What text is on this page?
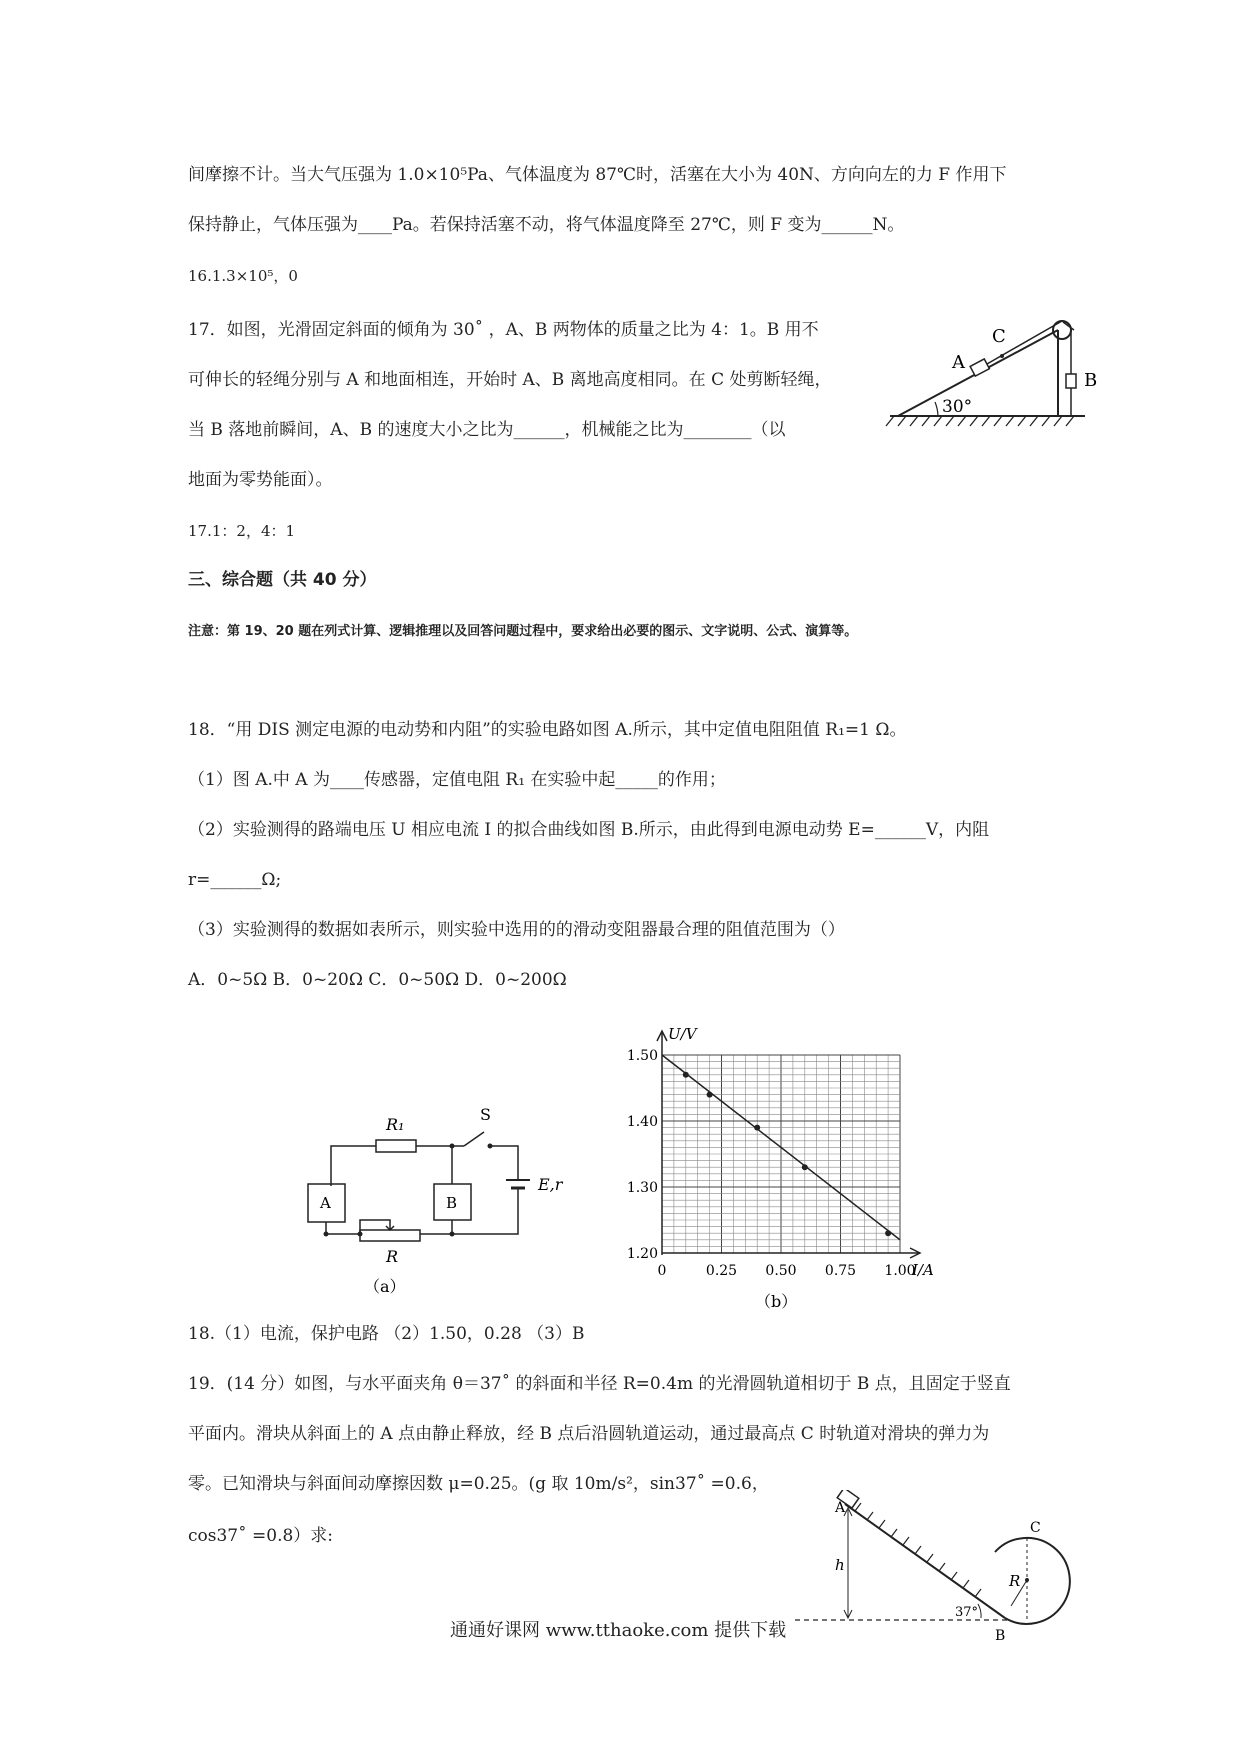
间摩擦不计。当大气压强为 1.0×10⁵Pa、气体温度为 87℃时，活塞在大小为 40N、方向向左的力 F 作用下
保持静止，气体压强为____Pa。若保持活塞不动，将气体温度降至 27℃，则 F 变为______N。
16.1.3×10⁵，0
17．如图，光滑固定斜面的倾角为 30˚ ，A、B 两物体的质量之比为 4：1。B 用不
可伸长的轻绳分别与 A 和地面相连，开始时 A、B 离地高度相同。在 C 处剪断轻绳，
当 B 落地前瞬间，A、B 的速度大小之比为______，机械能之比为________（以
地面为零势能面）。
17.1：2，4：1
三、综合题（共 40 分）
注意：第 19、20 题在列式计算、逻辑推理以及回答问题过程中，要求给出必要的图示、文字说明、公式、演算等。
18．“用 DIS 测定电源的电动势和内阻”的实验电路如图 A.所示，其中定值电阻阻值 R₁=1 Ω。
（1）图 A.中 A 为____传感器，定值电阻 R₁ 在实验中起_____的作用；
（2）实验测得的路端电压 U 相应电流 I 的拟合曲线如图 B.所示，由此得到电源电动势 E=______V，内阻
r=______Ω;
（3）实验测得的数据如表所示，则实验中选用的的滑动变阻器最合理的阻值范围为（）
A．0~5Ω B．0~20Ω C．0~50Ω D．0~200Ω
18.（1）电流，保护电路 （2）1.50，0.28 （3）B
19．(14 分）如图，与水平面夹角 θ＝37˚ 的斜面和半径 R=0.4m 的光滑圆轨道相切于 B 点，且固定于竖直
平面内。滑块从斜面上的 A 点由静止释放，经 B 点后沿圆轨道运动，通过最高点 C 时轨道对滑块的弹力为
零。已知滑块与斜面间动摩擦因数 μ=0.25。(g 取 10m/s²，sin37˚ =0.6，
cos37˚ =0.8）求:
A
C
B
30°
R₁
S
A	B
E,r
R
（a）
U/V
I/A
1.50
1.40
1.30
1.20
0	0.25 0.50 0.75 1.00
（b）
A
B
C
h
R
37°
通通好课网 www.tthaoke.com 提供下载
